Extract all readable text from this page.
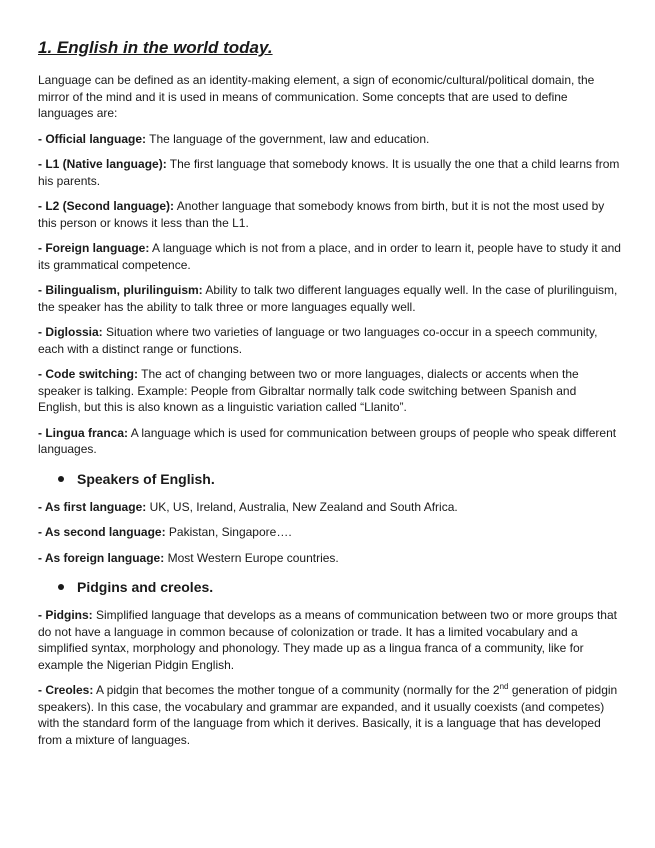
1. English in the world today.

Language can be defined as an identity-making element, a sign of economic/cultural/political domain, the mirror of the mind and it is used in means of communication. Some concepts that are used to define languages are:

- Official language: The language of the government, law and education.

- L1 (Native language): The first language that somebody knows. It is usually the one that a child learns from his parents.

- L2 (Second language): Another language that somebody knows from birth, but it is not the most used by this person or knows it less than the L1.

- Foreign language: A language which is not from a place, and in order to learn it, people have to study it and its grammatical competence.

- Bilingualism, plurilinguism: Ability to talk two different languages equally well. In the case of plurilinguism, the speaker has the ability to talk three or more languages equally well.

- Diglossia: Situation where two varieties of language or two languages co-occur in a speech community, each with a distinct range or functions.

- Code switching: The act of changing between two or more languages, dialects or accents when the speaker is talking. Example: People from Gibraltar normally talk code switching between Spanish and English, but this is also known as a linguistic variation called “Llanito”.

- Lingua franca: A language which is used for communication between groups of people who speak different languages.

Speakers of English.

- As first language: UK, US, Ireland, Australia, New Zealand and South Africa.

- As second language: Pakistan, Singapore….

- As foreign language: Most Western Europe countries.

Pidgins and creoles.

- Pidgins: Simplified language that develops as a means of communication between two or more groups that do not have a language in common because of colonization or trade. It has a limited vocabulary and a simplified syntax, morphology and phonology. They made up as a lingua franca of a community, like for example the Nigerian Pidgin English.

- Creoles: A pidgin that becomes the mother tongue of a community (normally for the 2nd generation of pidgin speakers). In this case, the vocabulary and grammar are expanded, and it usually coexists (and competes) with the standard form of the language from which it derives. Basically, it is a language that has developed from a mixture of languages.
